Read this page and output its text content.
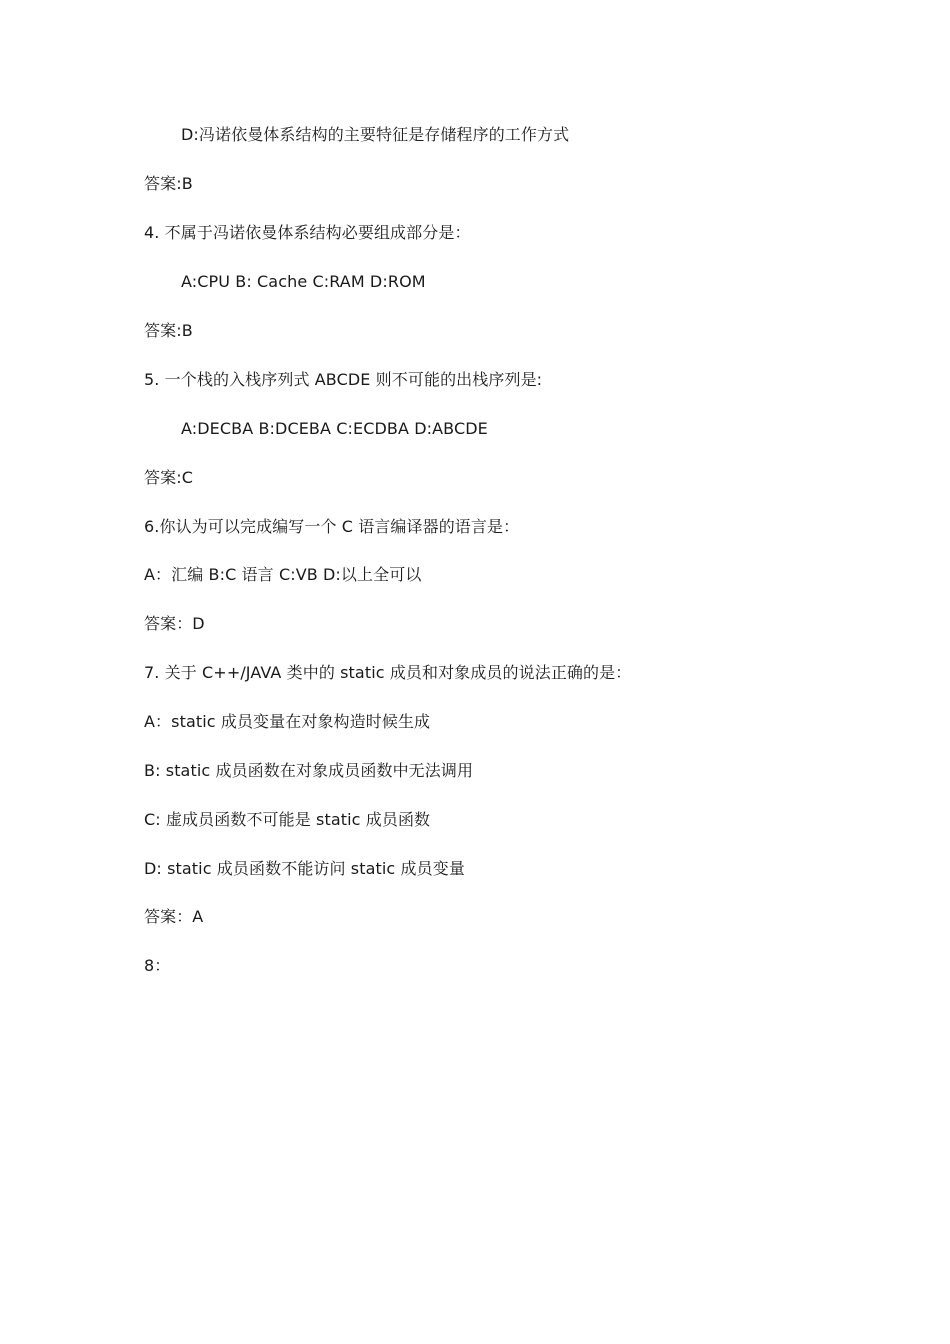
D:冯诺依曼体系结构的主要特征是存储程序的工作方式
答案:B
4. 不属于冯诺依曼体系结构必要组成部分是：
A:CPU B: Cache C:RAM D:ROM
答案:B
5. 一个栈的入栈序列式 ABCDE 则不可能的出栈序列是:
A:DECBA B:DCEBA C:ECDBA D:ABCDE
答案:C
6.你认为可以完成编写一个 C 语言编译器的语言是：
A：汇编 B:C 语言 C:VB D:以上全可以
答案：D
7. 关于 C++/JAVA 类中的 static 成员和对象成员的说法正确的是：
A：static 成员变量在对象构造时候生成
B: static 成员函数在对象成员函数中无法调用
C: 虚成员函数不可能是 static 成员函数
D: static 成员函数不能访问 static 成员变量
答案：A
8：
